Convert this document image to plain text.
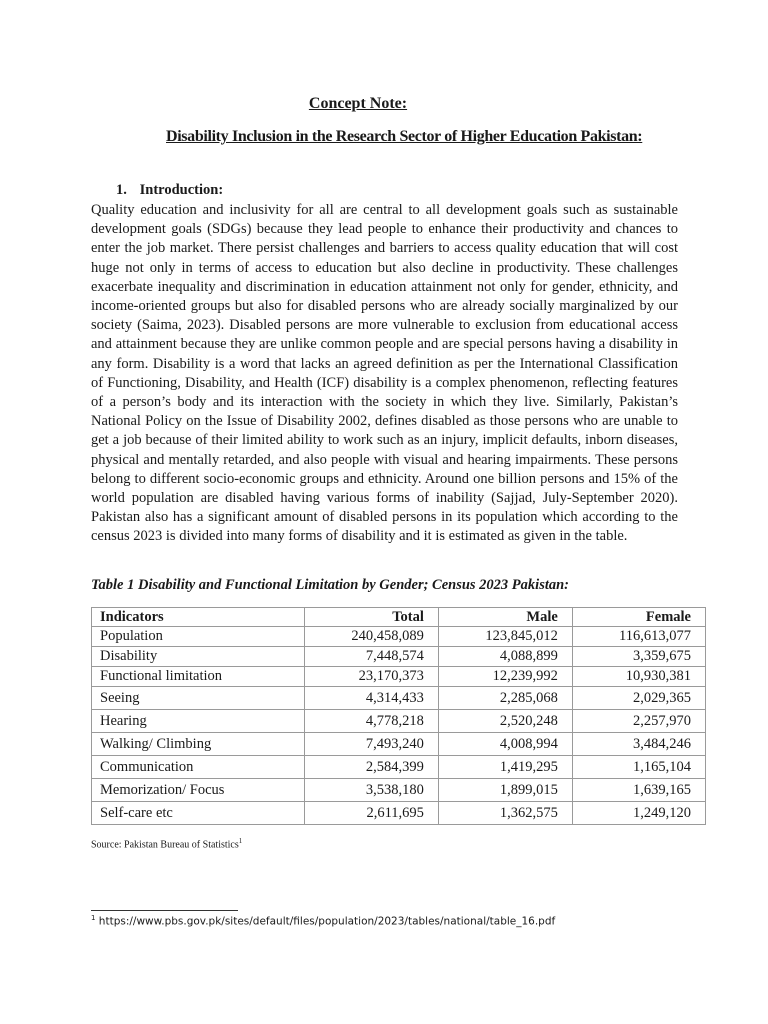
Concept Note:

Disability Inclusion in the Research Sector of Higher Education Pakistan:

1. Introduction:

Quality education and inclusivity for all are central to all development goals such as sustainable development goals (SDGs) because they lead people to enhance their productivity and chances to enter the job market. There persist challenges and barriers to access quality education that will cost huge not only in terms of access to education but also decline in productivity. These challenges exacerbate inequality and discrimination in education attainment not only for gender, ethnicity, and income-oriented groups but also for disabled persons who are already socially marginalized by our society (Saima, 2023). Disabled persons are more vulnerable to exclusion from educational access and attainment because they are unlike common people and are special persons having a disability in any form. Disability is a word that lacks an agreed definition as per the International Classification of Functioning, Disability, and Health (ICF) disability is a complex phenomenon, reflecting features of a person’s body and its interaction with the society in which they live. Similarly, Pakistan’s National Policy on the Issue of Disability 2002, defines disabled as those persons who are unable to get a job because of their limited ability to work such as an injury, implicit defaults, inborn diseases, physical and mentally retarded, and also people with visual and hearing impairments. These persons belong to different socio-economic groups and ethnicity. Around one billion persons and 15% of the world population are disabled having various forms of inability (Sajjad, July-September 2020). Pakistan also has a significant amount of disabled persons in its population which according to the census 2023 is divided into many forms of disability and it is estimated as given in the table.

Table 1 Disability and Functional Limitation by Gender; Census 2023 Pakistan:

Indicators	Total	Male	Female
Population	240,458,089	123,845,012	116,613,077
Disability	7,448,574	4,088,899	3,359,675
Functional limitation	23,170,373	12,239,992	10,930,381
Seeing	4,314,433	2,285,068	2,029,365
Hearing	4,778,218	2,520,248	2,257,970
Walking/ Climbing	7,493,240	4,008,994	3,484,246
Communication	2,584,399	1,419,295	1,165,104
Memorization/ Focus	3,538,180	1,899,015	1,639,165
Self-care etc	2,611,695	1,362,575	1,249,120

Source: Pakistan Bureau of Statistics$^1$

$^1$ https://www.pbs.gov.pk/sites/default/files/population/2023/tables/national/table_16.pdf
